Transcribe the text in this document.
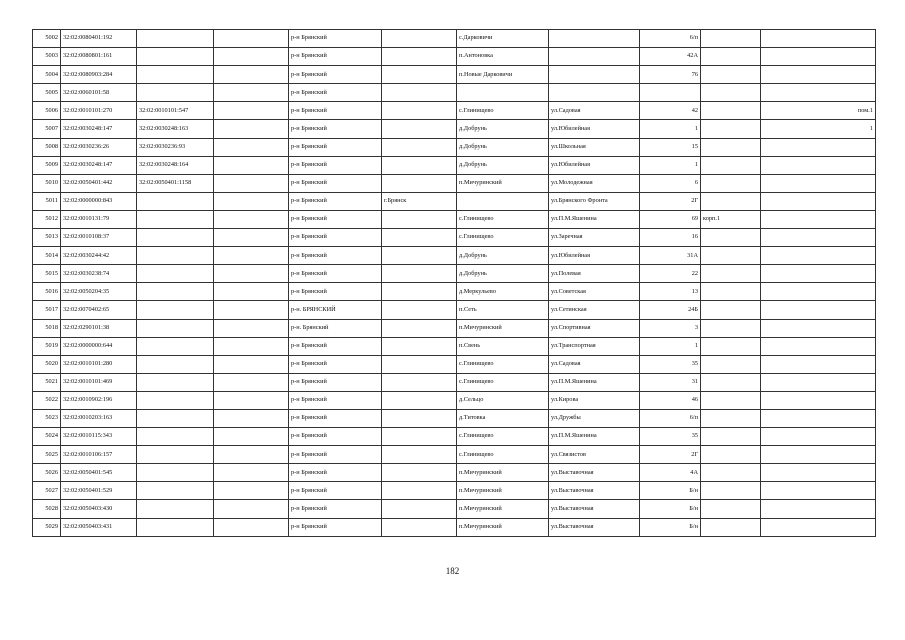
5002	32:02:0080401:192			р-н Брянский		с.Дарковичи		6/п		
5003	32:02:0080801:161			р-н Брянский		п.Антоновка		42А		
5004	32:02:0080903:284			р-н Брянский		п.Новые Дарковичи		76		
5005	32:02:0060101:58			р-н Брянский						
5006	32:02:0010101:270	32:02:0010101:547		р-н Брянский		с.Глинищево	ул.Садовая	42		пом.1
5007	32:02:0030248:147	32:02:0030248:163		р-н Брянский		д.Добрунь	ул.Юбилейная	1		1
5008	32:02:0030236:26	32:02:0030236:93		р-н Брянский		д.Добрунь	ул.Школьная	15		
5009	32:02:0030248:147	32:02:0030248:164		р-н Брянский		д.Добрунь	ул.Юбилейная	1		
5010	32:02:0050401:442	32:02:0050401:1158		р-н Брянский		п.Мичуринский	ул.Молодежная	6		
5011	32:02:0000000:843			р-н Брянский	г.Брянск		ул.Брянского Фронта	2Г		
5012	32:02:0010131:79			р-н Брянский		с.Глинищево	ул.П.М.Яшенина	69	корп.1	
5013	32:02:0010108:37			р-н Брянский		с.Глинищево	ул.Заречная	16		
5014	32:02:0030244:42			р-н Брянский		д.Добрунь	ул.Юбилейная	31А		
5015	32:02:0030238:74			р-н Брянский		д.Добрунь	ул.Полевая	22		
5016	32:02:0050204:35			р-н Брянский		д.Меркульево	ул.Советская	13		
5017	32:02:0070402:65			р-н. БРЯНСКИЙ		п.Сеть	ул.Сетинская	24Б		
5018	32:02:0290101:38			р-н. Брянский		п.Мичуринский	ул.Спортивная	3		
5019	32:02:0000000:644			р-н Брянский		п.Свень	ул.Транспортная	1		
5020	32:02:0010101:280			р-н Брянский		с.Глинищево	ул.Садовая	35		
5021	32:02:0010101:469			р-н Брянский		с.Глинищево	ул.П.М.Яшенина	31		
5022	32:02:0010902:196			р-н Брянский		д.Сельцо	ул.Кирова	46		
5023	32:02:0010203:163			р-н Брянский		д.Титовка	ул.Дружбы	6/п		
5024	32:02:0010115:343			р-н Брянский		с.Глинищево	ул.П.М.Яшенина	35		
5025	32:02:0010106:157			р-н Брянский		с.Глинищево	ул.Связистов	2Г		
5026	32:02:0050401:545			р-н Брянский		п.Мичуринский	ул.Выставочная	4А		
5027	32:02:0050401:529			р-н Брянский		п.Мичуринский	ул.Выставочная	Б/н		
5028	32:02:0050403:430			р-н Брянский		п.Мичуринский	ул.Выставочная	Б/н		
5029	32:02:0050403:431			р-н Брянский		п.Мичуринский	ул.Выставочная	Б/н		
182
